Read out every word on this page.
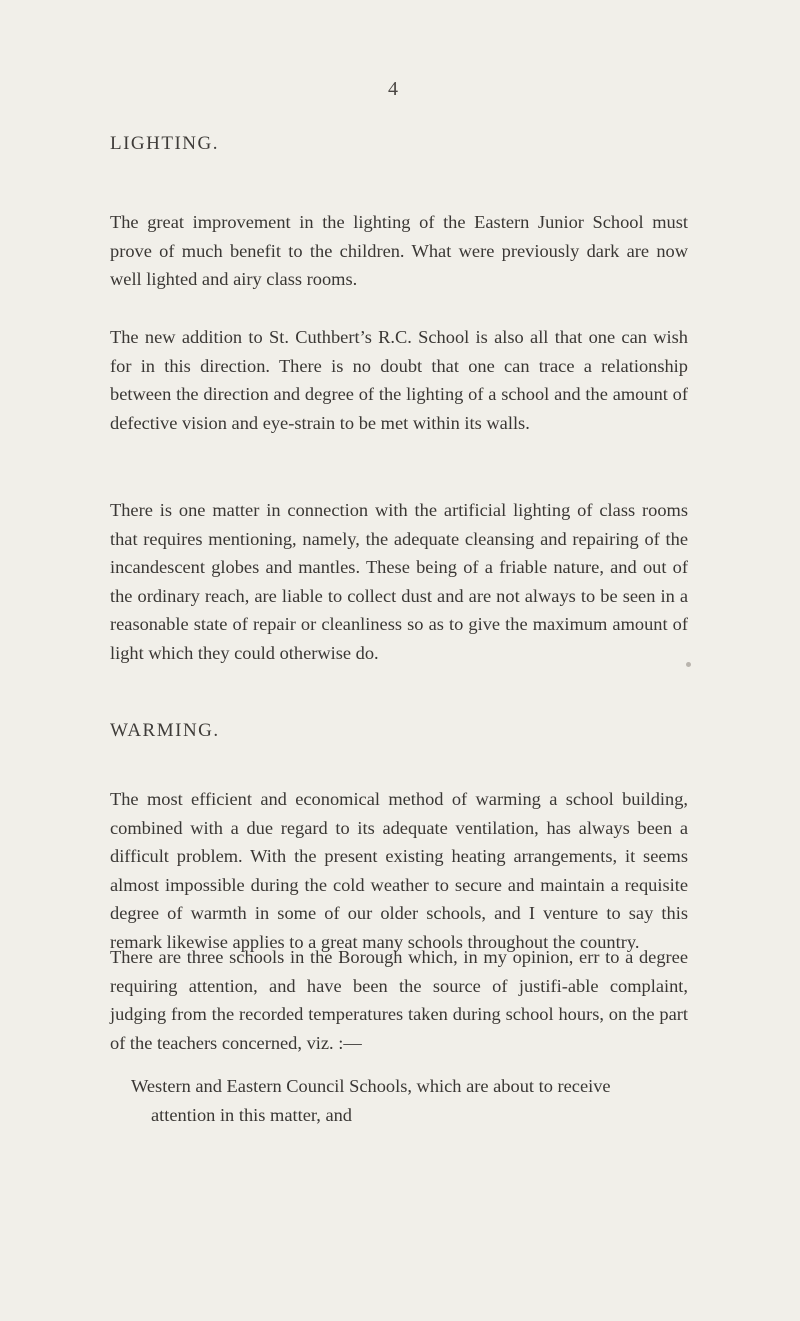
4
LIGHTING.

The great improvement in the lighting of the Eastern Junior School must prove of much benefit to the children. What were previously dark are now well lighted and airy class rooms.

The new addition to St. Cuthbert’s R.C. School is also all that one can wish for in this direction. There is no doubt that one can trace a relationship between the direction and degree of the lighting of a school and the amount of defective vision and eye-strain to be met within its walls.

There is one matter in connection with the artificial lighting of class rooms that requires mentioning, namely, the adequate cleansing and repairing of the incandescent globes and mantles. These being of a friable nature, and out of the ordinary reach, are liable to collect dust and are not always to be seen in a reasonable state of repair or cleanliness so as to give the maximum amount of light which they could otherwise do.

WARMING.

The most efficient and economical method of warming a school building, combined with a due regard to its adequate ventilation, has always been a difficult problem. With the present existing heating arrangements, it seems almost impossible during the cold weather to secure and maintain a requisite degree of warmth in some of our older schools, and I venture to say this remark likewise applies to a great many schools throughout the country.

There are three schools in the Borough which, in my opinion, err to a degree requiring attention, and have been the source of justifi-able complaint, judging from the recorded temperatures taken during school hours, on the part of the teachers concerned, viz. :—

Western and Eastern Council Schools, which are about to receive
attention in this matter, and
